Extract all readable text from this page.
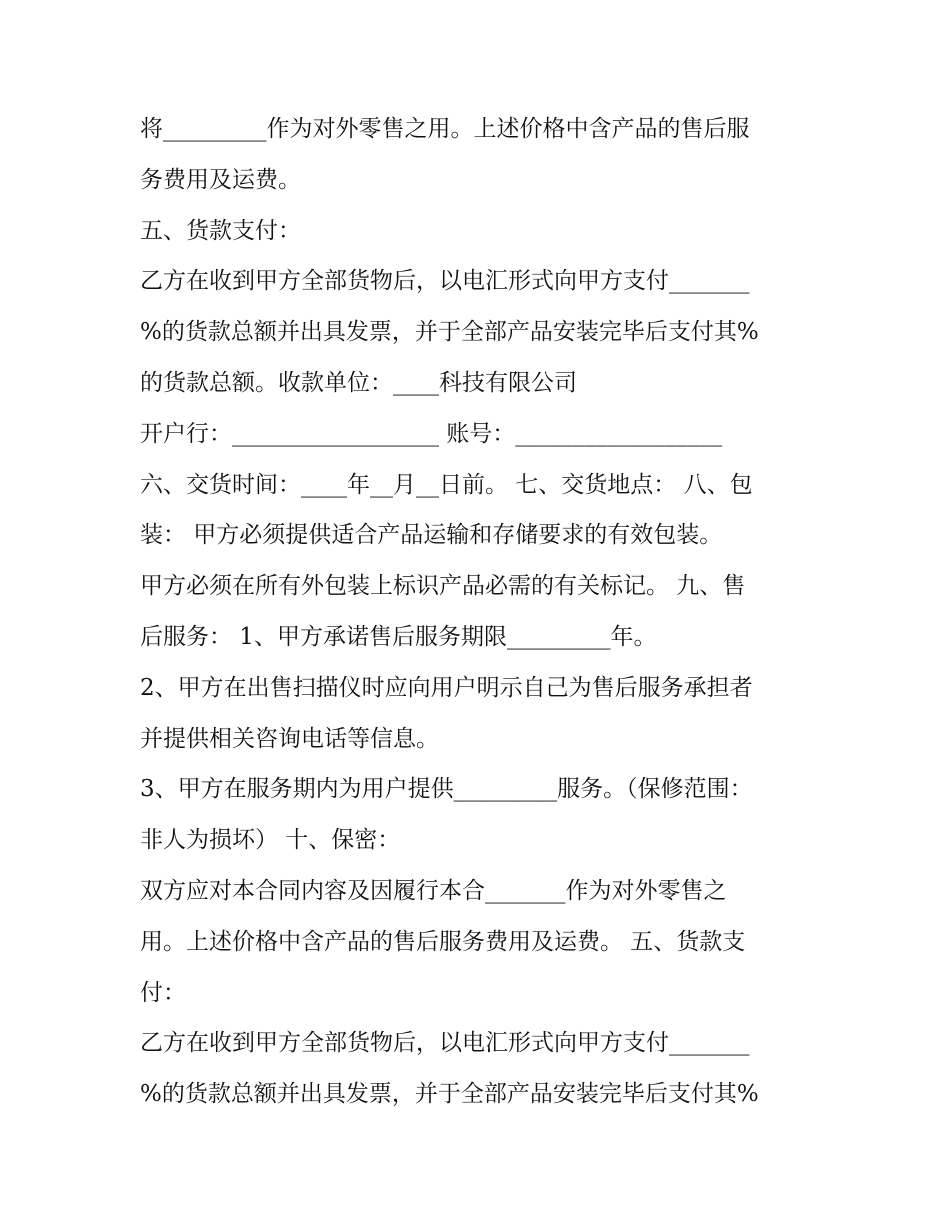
将_________作为对外零售之用。上述价格中含产品的售后服
务费用及运费。
五、货款支付：
乙方在收到甲方全部货物后，以电汇形式向甲方支付_______
%的货款总额并出具发票，并于全部产品安装完毕后支付其%
的货款总额。收款单位：____科技有限公司
开户行：__________________ 账号：__________________
六、交货时间：____年__月__日前。 七、交货地点： 八、包
装： 甲方必须提供适合产品运输和存储要求的有效包装。
甲方必须在所有外包装上标识产品必需的有关标记。 九、售
后服务： 1、甲方承诺售后服务期限_________年。
2、甲方在出售扫描仪时应向用户明示自己为售后服务承担者
并提供相关咨询电话等信息。
3、甲方在服务期内为用户提供_________服务。（保修范围：
非人为损坏） 十、保密：
双方应对本合同内容及因履行本合_______作为对外零售之
用。上述价格中含产品的售后服务费用及运费。 五、货款支
付：
乙方在收到甲方全部货物后，以电汇形式向甲方支付_______
%的货款总额并出具发票，并于全部产品安装完毕后支付其%
